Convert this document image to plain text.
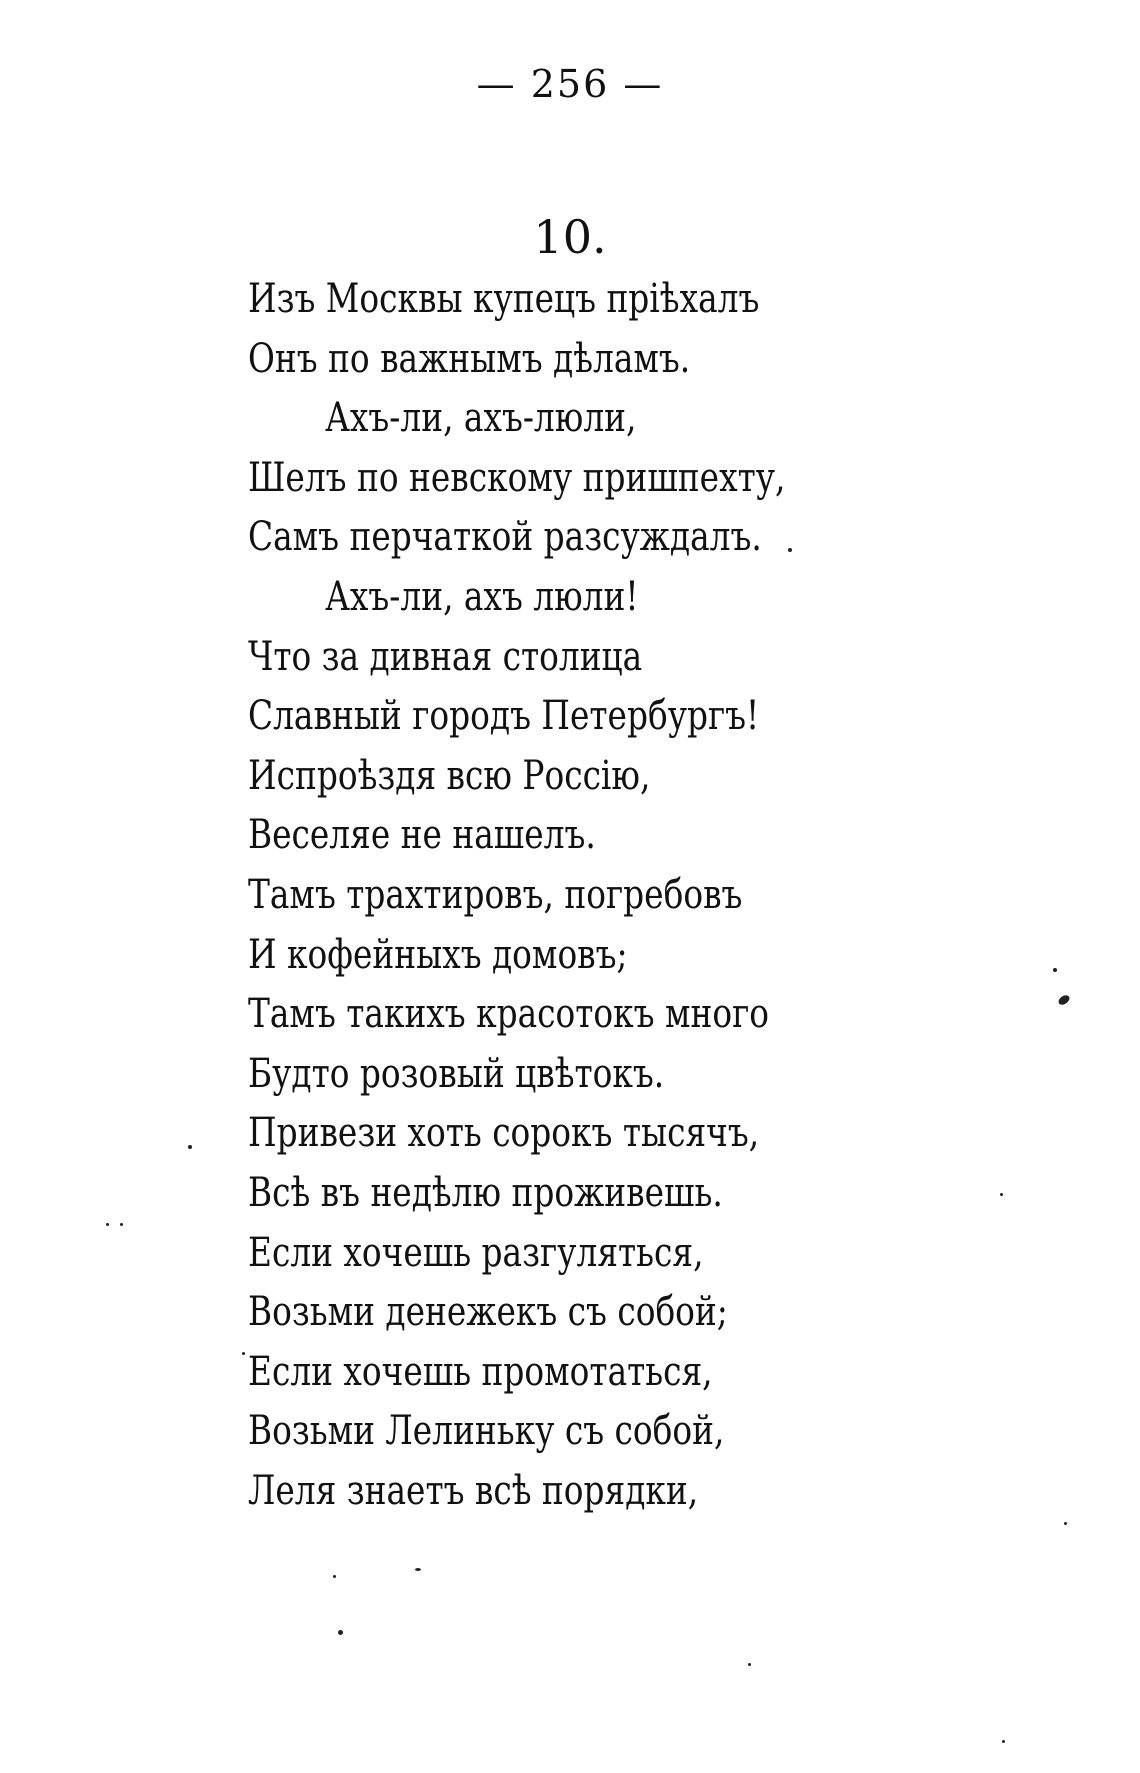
— 256 —
10.
Изъ Москвы купецъ прiѣхалъ
Онъ по важнымъ дѣламъ.
Ахъ-ли, ахъ-люли,
Шелъ по невскому пришпехту,
Самъ перчаткой разсуждалъ.
Ахъ-ли, ахъ люли!
Что за дивная столица
Славный городъ Петербургъ!
Испроѣздя всю Россiю,
Веселяе не нашелъ.
Тамъ трахтировъ, погребовъ
И кофейныхъ домовъ;
Тамъ такихъ красотокъ много
Будто розовый цвѣтокъ.
Привези хоть сорокъ тысячъ,
Всѣ въ недѣлю проживешь.
Если хочешь разгуляться,
Возьми денежекъ съ собой;
Если хочешь промотаться,
Возьми Лелиньку съ собой,
Леля знаетъ всѣ порядки,
